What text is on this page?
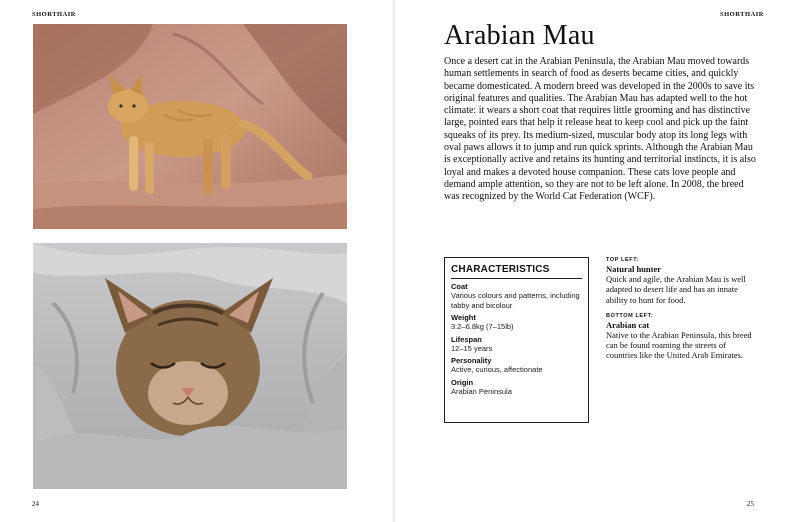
SHORTHAIR
24
SHORTHAIR
Arabian Mau

Once a desert cat in the Arabian Peninsula, the Arabian Mau moved towards human settlements in search of food as deserts became cities, and quickly became domesticated. A modern breed was developed in the 2000s to save its original features and qualities. The Arabian Mau has adapted well to the hot climate: it wears a short coat that requires little grooming and has distinctive large, pointed ears that help it release heat to keep cool and pick up the faint squeaks of its prey. Its medium-sized, muscular body atop its long legs with oval paws allows it to jump and run quick sprints. Although the Arabian Mau is exceptionally active and retains its hunting and territorial instincts, it is also loyal and makes a devoted house companion. These cats love people and demand ample attention, so they are not to be left alone. In 2008, the breed was recognized by the World Cat Federation (WCF).

CHARACTERISTICS
Coat
Various colours and patterns, including tabby and bicolour
Weight
3.2–6.8kg (7–15lb)
Lifespan
12–15 years
Personality
Active, curious, affectionate
Origin
Arabian Peninsula
TOP LEFT:
Natural hunter
Quick and agile, the Arabian Mau is well adapted to desert life and has an innate ability to hunt for food.
BOTTOM LEFT:
Arabian cat
Native to the Arabian Peninsula, this breed can be found roaming the streets of countries like the United Arab Emirates.
25
